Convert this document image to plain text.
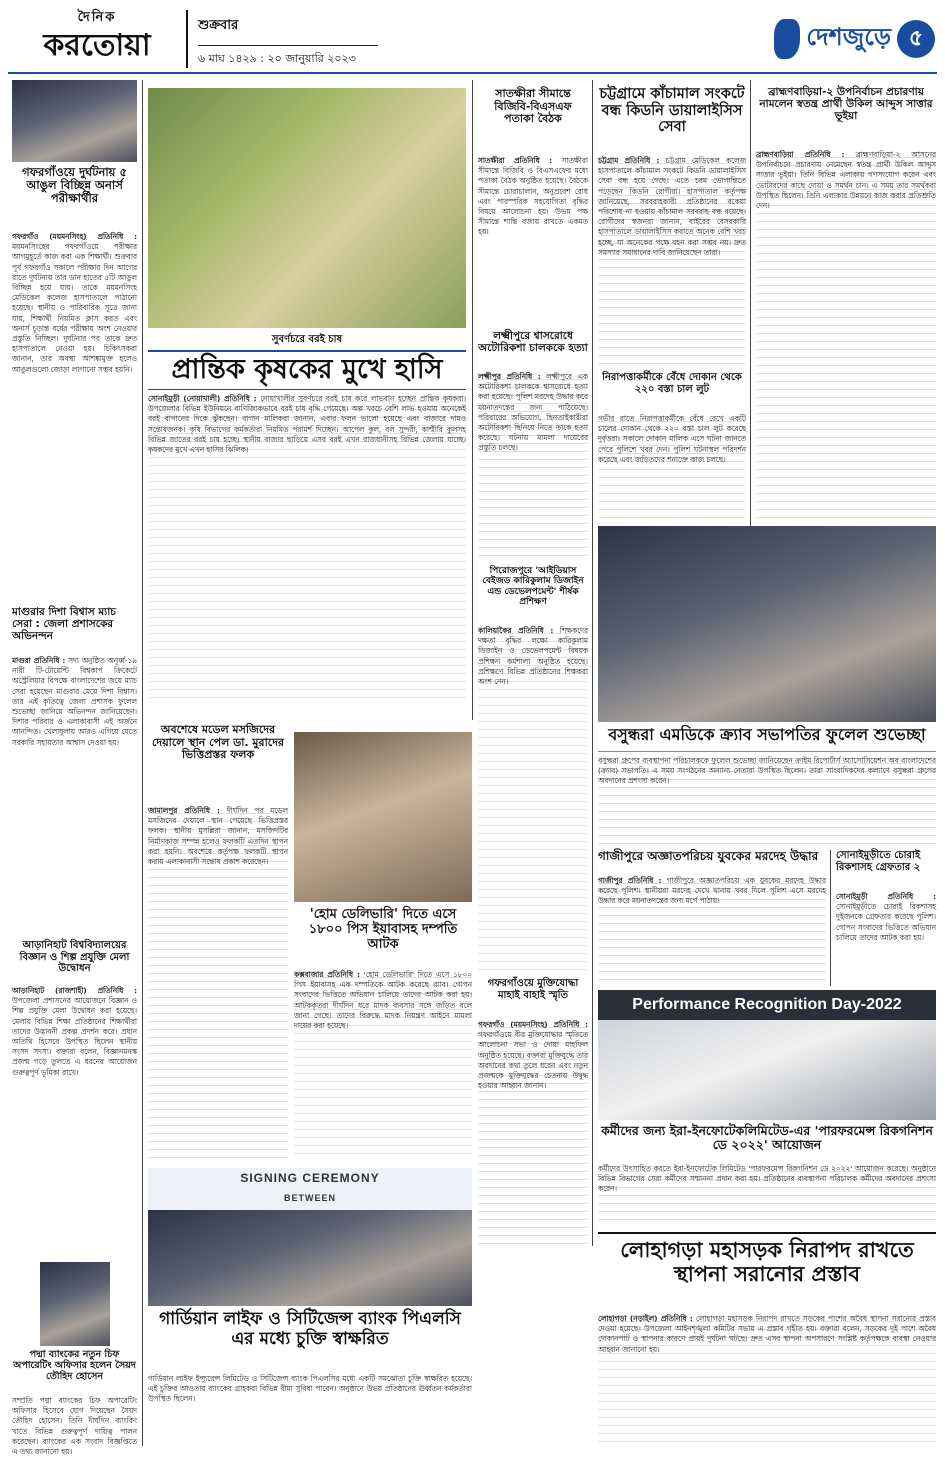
দৈনিক
করতোয়া
শুক্রবার
৬ মাঘ ১৪২৯ : ২০ জানুয়ারি ২০২৩
দেশজুড়ে ৫
গফরগাঁওয়ে দুর্ঘটনায় ৫ আঙুল বিচ্ছিন্ন অনার্স পরীক্ষার্থীর
গফরগাঁও (ময়মনসিংহ) প্রতিনিধি : ময়মনসিংহের গফরগাঁওয়ে পরীক্ষার আগমুহূর্তে কাজ করা এক শিক্ষার্থী। শুক্রবার পূর্ব গফরগাঁও সকালে পরীক্ষার দিন আগের রাতে দুর্ঘটনায় তার ডান হাতের ৫টি আঙুল বিচ্ছিন্ন হয়ে যায়। তাকে ময়মনসিংহ মেডিকেল কলেজ হাসপাতালে পাঠানো হয়েছে। স্থানীয় ও পারিবারিক সূত্রে জানা যায়, শিক্ষার্থী নিয়মিত ক্লাস করত এবং অনার্স চূড়ান্ত বর্ষের পরীক্ষায় অংশ নেওয়ার প্রস্তুতি নিচ্ছিল। দুর্ঘটনার পর তাকে দ্রুত হাসপাতালে নেওয়া হয়। চিকিৎসকরা জানান, তার অবস্থা আশঙ্কামুক্ত হলেও আঙুলগুলো জোড়া লাগানো সম্ভব হয়নি।
মাগুরার দিশা বিশ্বাস ম্যাচ সেরা : জেলা প্রশাসকের অভিনন্দন
মাগুরা প্রতিনিধি : সদ্য অনুষ্ঠিত অনূর্ধ্ব-১৯ নারী টি-টোয়েন্টি বিশ্বকাপ ক্রিকেটে অস্ট্রেলিয়ার বিপক্ষে বাংলাদেশের জয়ে ম্যাচ সেরা হয়েছেন মাগুরার মেয়ে দিশা বিশ্বাস। তার এই কৃতিত্বে জেলা প্রশাসক ফুলেল শুভেচ্ছা জানিয়ে অভিনন্দন জানিয়েছেন। দিশার পরিবার ও এলাকাবাসী এই অর্জনে আনন্দিত। খেলাধুলায় আরও এগিয়ে যেতে সরকারি সহায়তার আশ্বাস দেওয়া হয়।
আড়ানিহাট বিশ্ববিদ্যালয়ের বিজ্ঞান ও শিল্প প্রযুক্তি মেলা উদ্বোধন
আড়ানিহাট (রাজশাহী) প্রতিনিধি : উপজেলা প্রশাসনের আয়োজনে বিজ্ঞান ও শিল্প প্রযুক্তি মেলা উদ্বোধন করা হয়েছে। মেলায় বিভিন্ন শিক্ষা প্রতিষ্ঠানের শিক্ষার্থীরা তাদের উদ্ভাবনী প্রকল্প প্রদর্শন করে। প্রধান অতিথি হিসেবে উপস্থিত ছিলেন স্থানীয় সংসদ সদস্য। বক্তারা বলেন, বিজ্ঞানমনস্ক প্রজন্ম গড়ে তুলতে এ ধরনের আয়োজন গুরুত্বপূর্ণ ভূমিকা রাখে।
পদ্মা ব্যাংকের নতুন চিফ অপারেটিং অফিসার হলেন সৈয়দ তৌহিদ হোসেন
সম্প্রতি পদ্মা ব্যাংকের চিফ অপারেটিং অফিসার হিসেবে যোগ দিয়েছেন সৈয়দ তৌহিদ হোসেন। তিনি দীর্ঘদিন ব্যাংকিং খাতে বিভিন্ন গুরুত্বপূর্ণ দায়িত্ব পালন করেছেন। ব্যাংকের এক সংবাদ বিজ্ঞপ্তিতে এ তথ্য জানানো হয়।
সুবর্ণচরে বরই চাষ
প্রান্তিক কৃষকের মুখে হাসি
সোনাইমুড়ী (নোয়াখালী) প্রতিনিধি : নোয়াখালীর সুবর্ণচরে বরই চাষ করে লাভবান হচ্ছেন প্রান্তিক কৃষকরা। উপজেলার বিভিন্ন ইউনিয়নে বাণিজ্যিকভাবে বরই চাষ বৃদ্ধি পেয়েছে। অল্প খরচে বেশি লাভ হওয়ায় অনেকেই বরই বাগানের দিকে ঝুঁকছেন। বাগান মালিকরা জানান, এবার ফলন ভালো হয়েছে এবং বাজারে দামও সন্তোষজনক। কৃষি বিভাগের কর্মকর্তারা নিয়মিত পরামর্শ দিচ্ছেন। আপেল কুল, বল সুন্দরী, কাশ্মীরি কুলসহ বিভিন্ন জাতের বরই চাষ হচ্ছে। স্থানীয় বাজার ছাড়িয়ে এসব বরই এখন রাজধানীসহ বিভিন্ন জেলায় যাচ্ছে। কৃষকদের মুখে এখন হাসির ঝিলিক।
সাতক্ষীরা সীমান্তে বিজিবি-বিএসএফ পতাকা বৈঠক
সাতক্ষীরা প্রতিনিধি : সাতক্ষীরা সীমান্তে বিজিবি ও বিএসএফের মধ্যে পতাকা বৈঠক অনুষ্ঠিত হয়েছে। বৈঠকে সীমান্তে চোরাচালান, অনুপ্রবেশ রোধ এবং পারস্পরিক সহযোগিতা বৃদ্ধির বিষয়ে আলোচনা হয়। উভয় পক্ষ সীমান্তে শান্তি বজায় রাখতে একমত হয়।
লক্ষ্মীপুরে শ্বাসরোধে অটোরিকশা চালককে হত্যা
লক্ষ্মীপুর প্রতিনিধি : লক্ষ্মীপুরে এক অটোরিকশা চালককে শ্বাসরোধে হত্যা করা হয়েছে। পুলিশ মরদেহ উদ্ধার করে ময়নাতদন্তের জন্য পাঠিয়েছে। পরিবারের অভিযোগ, ছিনতাইকারীরা অটোরিকশা ছিনিয়ে নিতে তাকে হত্যা করেছে। ঘটনায় মামলা দায়েরের প্রস্তুতি চলছে।
পিরোজপুরে 'আইডিয়াস বেইজড কারিকুলাম ডিজাইন এন্ড ডেভেলপমেন্ট' শীর্ষক প্রশিক্ষণ
কালিয়াকৈর প্রতিনিধি : শিক্ষকদের দক্ষতা বৃদ্ধির লক্ষ্যে কারিকুলাম ডিজাইন ও ডেভেলপমেন্ট বিষয়ক প্রশিক্ষণ কর্মশালা অনুষ্ঠিত হয়েছে। প্রশিক্ষণে বিভিন্ন প্রতিষ্ঠানের শিক্ষকরা অংশ নেন।
গফরগাঁওয়ে মুক্তিযোদ্ধা মাহাই বাহাই স্মৃতি
গফরগাঁও (ময়মনসিংহ) প্রতিনিধি : গফরগাঁওয়ে বীর মুক্তিযোদ্ধার স্মৃতিতে আলোচনা সভা ও দোয়া মাহফিল অনুষ্ঠিত হয়েছে। বক্তারা মুক্তিযুদ্ধে তার অবদানের কথা তুলে ধরেন এবং নতুন প্রজন্মকে মুক্তিযুদ্ধের চেতনায় উদ্বুদ্ধ হওয়ার আহ্বান জানান।
অবশেষে মডেল মসজিদের দেয়ালে স্থান পেল ডা. মুরাদের ভিত্তিপ্রস্তর ফলক
জামালপুর প্রতিনিধি : দীর্ঘদিন পর মডেল মসজিদের দেয়ালে স্থান পেয়েছে ভিত্তিপ্রস্তর ফলক। স্থানীয় মুসল্লিরা জানান, মসজিদটির নির্মাণকাজ সম্পন্ন হলেও ফলকটি এতদিন স্থাপন করা হয়নি। অবশেষে কর্তৃপক্ষ ফলকটি স্থাপন করায় এলাকাবাসী সন্তোষ প্রকাশ করেছেন।
'হোম ডেলিভারি' দিতে এসে ১৮০০ পিস ইয়াবাসহ দম্পতি আটক
কক্সবাজার প্রতিনিধি : 'হোম ডেলিভারি' দিতে এসে ১৮০০ পিস ইয়াবাসহ এক দম্পতিকে আটক করেছে র‍্যাব। গোপন সংবাদের ভিত্তিতে অভিযান চালিয়ে তাদের আটক করা হয়। আটককৃতরা দীর্ঘদিন ধরে মাদক ব্যবসার সঙ্গে জড়িত বলে জানা গেছে। তাদের বিরুদ্ধে মাদক নিয়ন্ত্রণ আইনে মামলা দায়ের করা হয়েছে।
SIGNING CEREMONY
BETWEEN
গার্ডিয়ান লাইফ ও সিটিজেন্স ব্যাংক পিএলসি এর মধ্যে চুক্তি স্বাক্ষরিত
গার্ডিয়ান লাইফ ইন্স্যুরেন্স লিমিটেড ও সিটিজেন্স ব্যাংক পিএলসির মধ্যে একটি সমঝোতা চুক্তি স্বাক্ষরিত হয়েছে। এই চুক্তির আওতায় ব্যাংকের গ্রাহকরা বিভিন্ন বীমা সুবিধা পাবেন। অনুষ্ঠানে উভয় প্রতিষ্ঠানের ঊর্ধ্বতন কর্মকর্তারা উপস্থিত ছিলেন।
চট্টগ্রামে কাঁচামাল সংকটে বন্ধ কিডনি ডায়ালাইসিস সেবা
চট্টগ্রাম প্রতিনিধি : চট্টগ্রাম মেডিকেল কলেজ হাসপাতালে কাঁচামাল সংকটে কিডনি ডায়ালাইসিস সেবা বন্ধ হয়ে গেছে। এতে চরম ভোগান্তিতে পড়েছেন কিডনি রোগীরা। হাসপাতাল কর্তৃপক্ষ জানিয়েছে, সরবরাহকারী প্রতিষ্ঠানের বকেয়া পরিশোধ না হওয়ায় কাঁচামাল সরবরাহ বন্ধ রয়েছে। রোগীদের স্বজনরা জানান, বাইরের বেসরকারি হাসপাতালে ডায়ালাইসিস করাতে অনেক বেশি খরচ হচ্ছে, যা অনেকের পক্ষে বহন করা সম্ভব নয়। দ্রুত সমস্যার সমাধানের দাবি জানিয়েছেন তারা।
ব্রাহ্মণবাড়িয়া-২ উপনির্বাচন প্রচারণায় নামলেন স্বতন্ত্র প্রার্থী উকিল আব্দুস সাত্তার ভূইয়া
ব্রাহ্মণবাড়িয়া প্রতিনিধি : ব্রাহ্মণবাড়িয়া-২ আসনের উপনির্বাচনে প্রচারণায় নেমেছেন স্বতন্ত্র প্রার্থী উকিল আব্দুস সাত্তার ভূইয়া। তিনি বিভিন্ন এলাকায় গণসংযোগ করেন এবং ভোটারদের কাছে দোয়া ও সমর্থন চান। এ সময় তার সমর্থকরা উপস্থিত ছিলেন। তিনি এলাকার উন্নয়নে কাজ করার প্রতিশ্রুতি দেন।
নিরাপত্তাকর্মীকে বেঁধে দোকান থেকে ২২০ বস্তা চাল লুট
গভীর রাতে নিরাপত্তাকর্মীকে বেঁধে রেখে একটি চালের দোকান থেকে ২২০ বস্তা চাল লুট করেছে দুর্বৃত্তরা। সকালে দোকান মালিক এসে ঘটনা জানতে পেরে পুলিশে খবর দেন। পুলিশ ঘটনাস্থল পরিদর্শন করেছে এবং জড়িতদের শনাক্তে কাজ চলছে।
বসুন্ধরা এমডিকে ক্র্যাব সভাপতির ফুলেল শুভেচ্ছা
বসুন্ধরা গ্রুপের ব্যবস্থাপনা পরিচালককে ফুলেল শুভেচ্ছা জানিয়েছেন ক্রাইম রিপোর্টার্স অ্যাসোসিয়েশন অব বাংলাদেশের (ক্র্যাব) সভাপতি। এ সময় সংগঠনের অন্যান্য নেতারা উপস্থিত ছিলেন। তারা সাংবাদিকদের কল্যাণে বসুন্ধরা গ্রুপের অবদানের প্রশংসা করেন।
গাজীপুরে অজ্ঞাতপরিচয় যুবকের মরদেহ উদ্ধার
গাজীপুর প্রতিনিধি : গাজীপুরে অজ্ঞাতপরিচয় এক যুবকের মরদেহ উদ্ধার করেছে পুলিশ। স্থানীয়রা মরদেহ দেখে থানায় খবর দিলে পুলিশ এসে মরদেহ উদ্ধার করে ময়নাতদন্তের জন্য মর্গে পাঠায়।
সোনাইমুড়ীতে চোরাই রিকশাসহ গ্রেফতার ২
সোনাইমুড়ী প্রতিনিধি : সোনাইমুড়ীতে চোরাই রিকশাসহ দুইজনকে গ্রেফতার করেছে পুলিশ। গোপন সংবাদের ভিত্তিতে অভিযান চালিয়ে তাদের আটক করা হয়।
Performance Recognition Day-2022
কর্মীদের জন্য ইরা-ইনফোটেকলিমিটেড-এর 'পারফরমেন্স রিকগনিশন ডে ২০২২' আয়োজন
কর্মীদের উৎসাহিত করতে ইরা-ইনফোটেক লিমিটেড 'পারফরমেন্স রিকগনিশন ডে ২০২২' আয়োজন করেছে। অনুষ্ঠানে বিভিন্ন বিভাগের সেরা কর্মীদের সম্মাননা প্রদান করা হয়। প্রতিষ্ঠানের ব্যবস্থাপনা পরিচালক কর্মীদের অবদানের প্রশংসা করেন।
লোহাগড়া মহাসড়ক নিরাপদ রাখতে স্থাপনা সরানোর প্রস্তাব
লোহাগড়া (নড়াইল) প্রতিনিধি : লোহাগড়া মহাসড়ক নিরাপদ রাখতে সড়কের পাশের অবৈধ স্থাপনা সরানোর প্রস্তাব দেওয়া হয়েছে। উপজেলা আইনশৃঙ্খলা কমিটির সভায় এ প্রস্তাব গৃহীত হয়। বক্তারা বলেন, সড়কের দুই পাশে অবৈধ দোকানপাট ও স্থাপনার কারণে প্রায়ই দুর্ঘটনা ঘটছে। দ্রুত এসব স্থাপনা অপসারণে সংশ্লিষ্ট কর্তৃপক্ষকে ব্যবস্থা নেওয়ার আহ্বান জানানো হয়।
